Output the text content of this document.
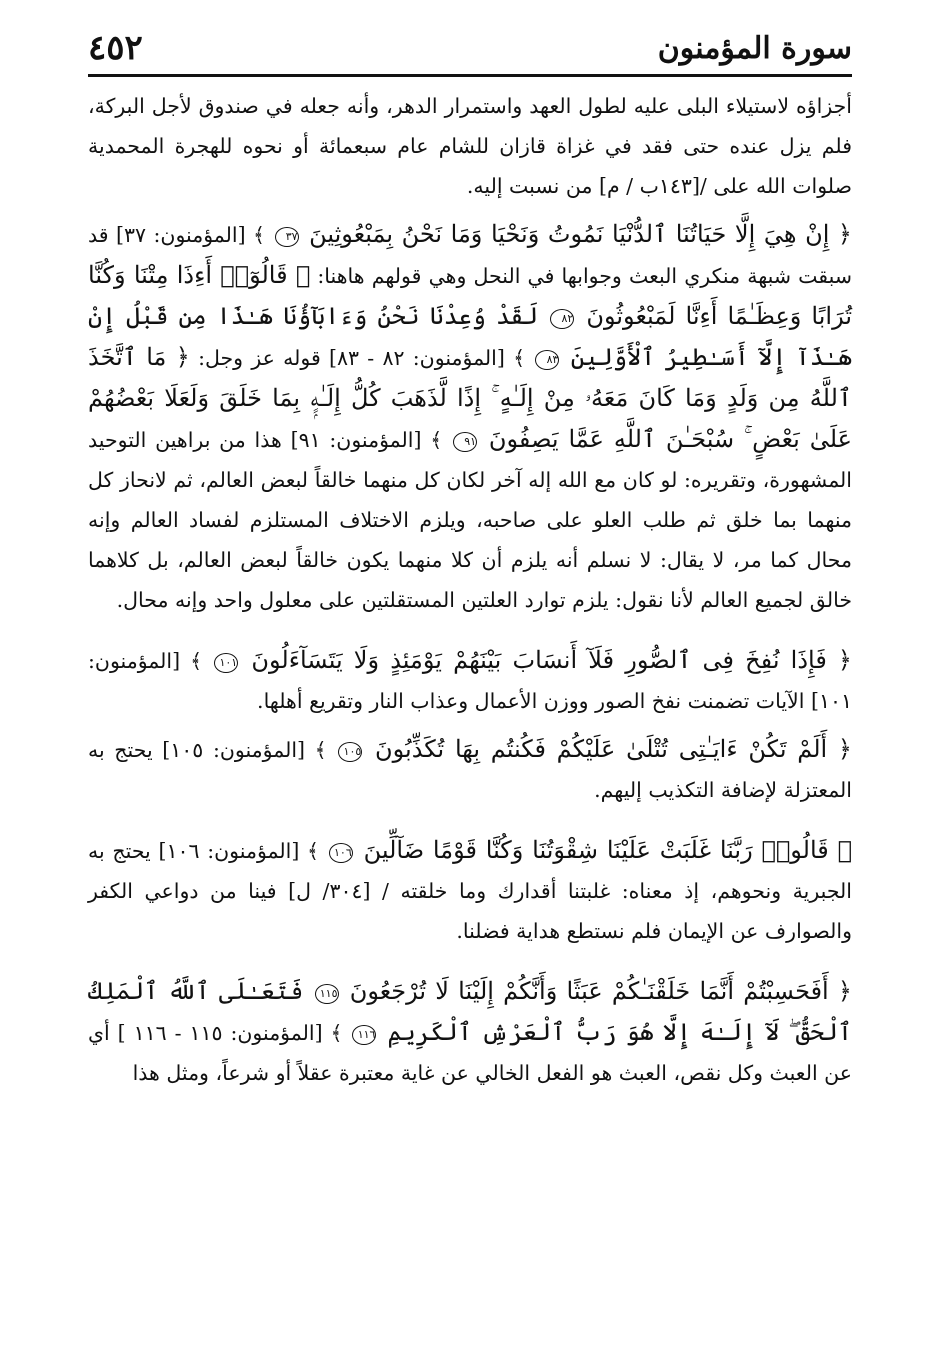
سورة المؤمنون
٤٥٢

أجزاؤه لاستيلاء البلى عليه لطول العهد واستمرار الدهر، وأنه جعله في صندوق لأجل البركة، فلم يزل عنده حتى فقد في غزاة قازان للشام عام سبعمائة أو نحوه للهجرة المحمدية صلوات الله على /[١٤٣ب / م] من نسبت إليه.

﴿ إِنْ هِيَ إِلَّا حَيَاتُنَا ٱلدُّنْيَا نَمُوتُ وَنَحْيَا وَمَا نَحْنُ بِمَبْعُوثِينَ ٣٧ ﴾ [المؤمنون: ٣٧] قد سبقت شبهة منكري البعث وجوابها في النحل وهي قولهم هاهنا: ﴿ قَالُوٓا۟ أَءِذَا مِتْنَا وَكُنَّا تُرَابًا وَعِظَـٰمًا أَءِنَّا لَمَبْعُوثُونَ ٨٢ لَقَدْ وُعِدْنَا نَحْنُ وَءَابَآؤُنَا هَـٰذَا مِن قَبْلُ إِنْ هَـٰذَآ إِلَّآ أَسَـٰطِيرُ ٱلْأَوَّلِينَ ٨٣ ﴾ [المؤمنون: ٨٢ - ٨٣] قوله عز وجل: ﴿ مَا ٱتَّخَذَ ٱللَّهُ مِن وَلَدٍ وَمَا كَانَ مَعَهُۥ مِنْ إِلَـٰهٍ ۚ إِذًا لَّذَهَبَ كُلُّ إِلَـٰهٍۭ بِمَا خَلَقَ وَلَعَلَا بَعْضُهُمْ عَلَىٰ بَعْضٍ ۚ سُبْحَـٰنَ ٱللَّهِ عَمَّا يَصِفُونَ ٩١ ﴾ [المؤمنون: ٩١] هذا من براهين التوحيد المشهورة، وتقريره: لو كان مع الله إله آخر لكان كل منهما خالقاً لبعض العالم، ثم لانحاز كل منهما بما خلق ثم طلب العلو على صاحبه، ويلزم الاختلاف المستلزم لفساد العالم وإنه محال كما مر، لا يقال: لا نسلم أنه يلزم أن كلا منهما يكون خالقاً لبعض العالم، بل كلاهما خالق لجميع العالم لأنا نقول: يلزم توارد العلتين المستقلتين على معلول واحد وإنه محال.

﴿ فَإِذَا نُفِخَ فِى ٱلصُّورِ فَلَآ أَنسَابَ بَيْنَهُمْ يَوْمَئِذٍ وَلَا يَتَسَآءَلُونَ ١٠١ ﴾ [المؤمنون: ١٠١] الآيات تضمنت نفخ الصور ووزن الأعمال وعذاب النار وتقريع أهلها.

﴿ أَلَمْ تَكُنْ ءَايَـٰتِى تُتْلَىٰ عَلَيْكُمْ فَكُنتُم بِهَا تُكَذِّبُونَ ١٠٥ ﴾ [المؤمنون: ١٠٥] يحتج به المعتزلة لإضافة التكذيب إليهم.

﴿ قَالُوا۟ رَبَّنَا غَلَبَتْ عَلَيْنَا شِقْوَتُنَا وَكُنَّا قَوْمًا ضَآلِّينَ ١٠٦ ﴾ [المؤمنون: ١٠٦] يحتج به الجبرية ونحوهم، إذ معناه: غلبتنا أقدارك وما خلقته / [٣٠٤/ ل] فينا من دواعي الكفر والصوارف عن الإيمان فلم نستطع هداية فضلنا.

﴿ أَفَحَسِبْتُمْ أَنَّمَا خَلَقْنَـٰكُمْ عَبَثًا وَأَنَّكُمْ إِلَيْنَا لَا تُرْجَعُونَ ١١٥ فَتَعَـٰلَى ٱللَّهُ ٱلْمَلِكُ ٱلْحَقُّ ۖ لَآ إِلَـٰهَ إِلَّا هُوَ رَبُّ ٱلْعَرْشِ ٱلْكَرِيمِ ١١٦ ﴾ [المؤمنون: ١١٥ - ١١٦ ] أي عن العبث وكل نقص، العبث هو الفعل الخالي عن غاية معتبرة عقلاً أو شرعاً، ومثل هذا
